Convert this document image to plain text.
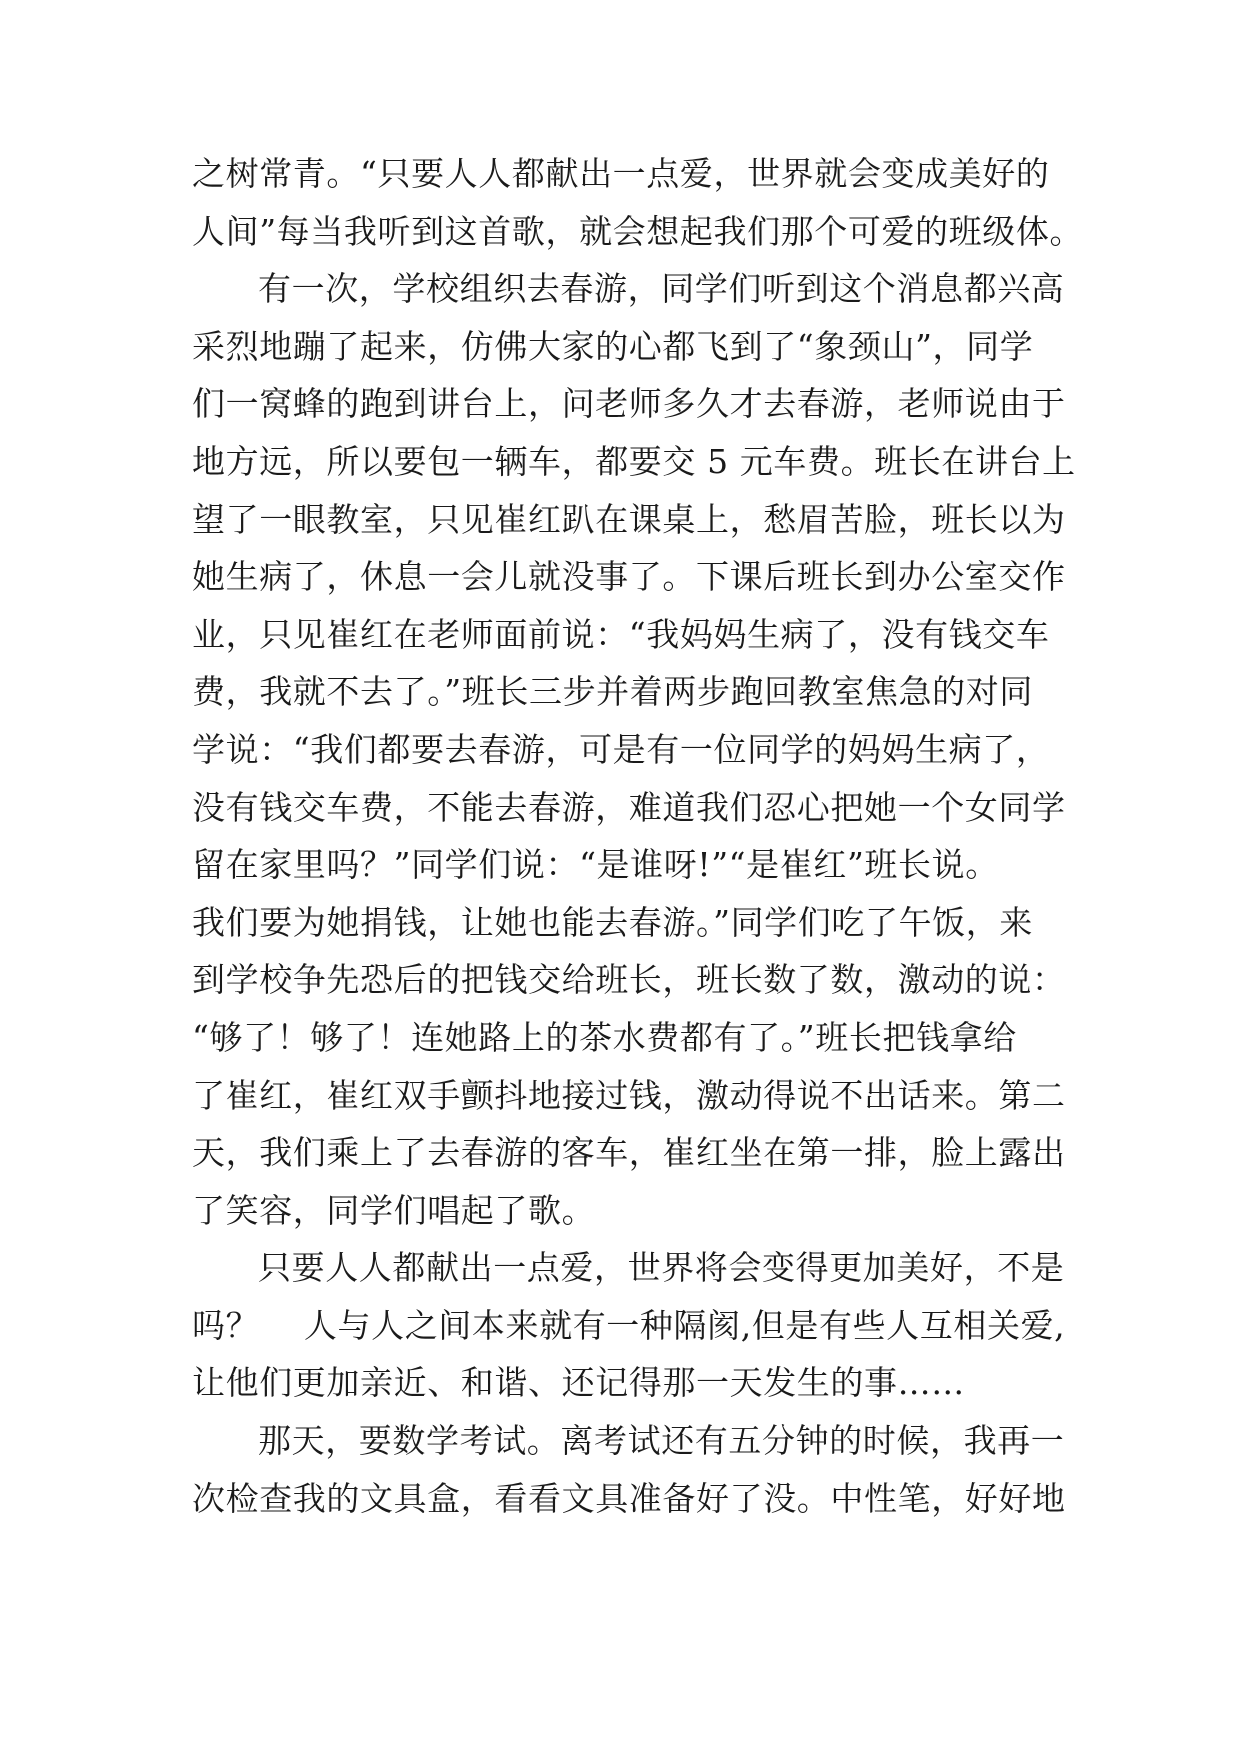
之树常青。“只要人人都献出一点爱，世界就会变成美好的
人间”每当我听到这首歌，就会想起我们那个可爱的班级体。
有一次，学校组织去春游，同学们听到这个消息都兴高
采烈地蹦了起来，仿佛大家的心都飞到了“象颈山”，同学
们一窝蜂的跑到讲台上，问老师多久才去春游，老师说由于
地方远，所以要包一辆车，都要交 5 元车费。班长在讲台上
望了一眼教室，只见崔红趴在课桌上，愁眉苦脸，班长以为
她生病了，休息一会儿就没事了。下课后班长到办公室交作
业，只见崔红在老师面前说：“我妈妈生病了，没有钱交车
费，我就不去了。”班长三步并着两步跑回教室焦急的对同
学说：“我们都要去春游，可是有一位同学的妈妈生病了，
没有钱交车费，不能去春游，难道我们忍心把她一个女同学
留在家里吗？”同学们说：“是谁呀!”“是崔红”班长说。
我们要为她捐钱，让她也能去春游。”同学们吃了午饭，来
到学校争先恐后的把钱交给班长，班长数了数，激动的说：
“够了！够了！连她路上的茶水费都有了。”班长把钱拿给
了崔红，崔红双手颤抖地接过钱，激动得说不出话来。第二
天，我们乘上了去春游的客车，崔红坐在第一排，脸上露出
了笑容，同学们唱起了歌。
只要人人都献出一点爱，世界将会变得更加美好，不是
吗？　 人与人之间本来就有一种隔阂,但是有些人互相关爱,
让他们更加亲近、和谐、还记得那一天发生的事……
那天，要数学考试。离考试还有五分钟的时候，我再一
次检查我的文具盒，看看文具准备好了没。中性笔，好好地
